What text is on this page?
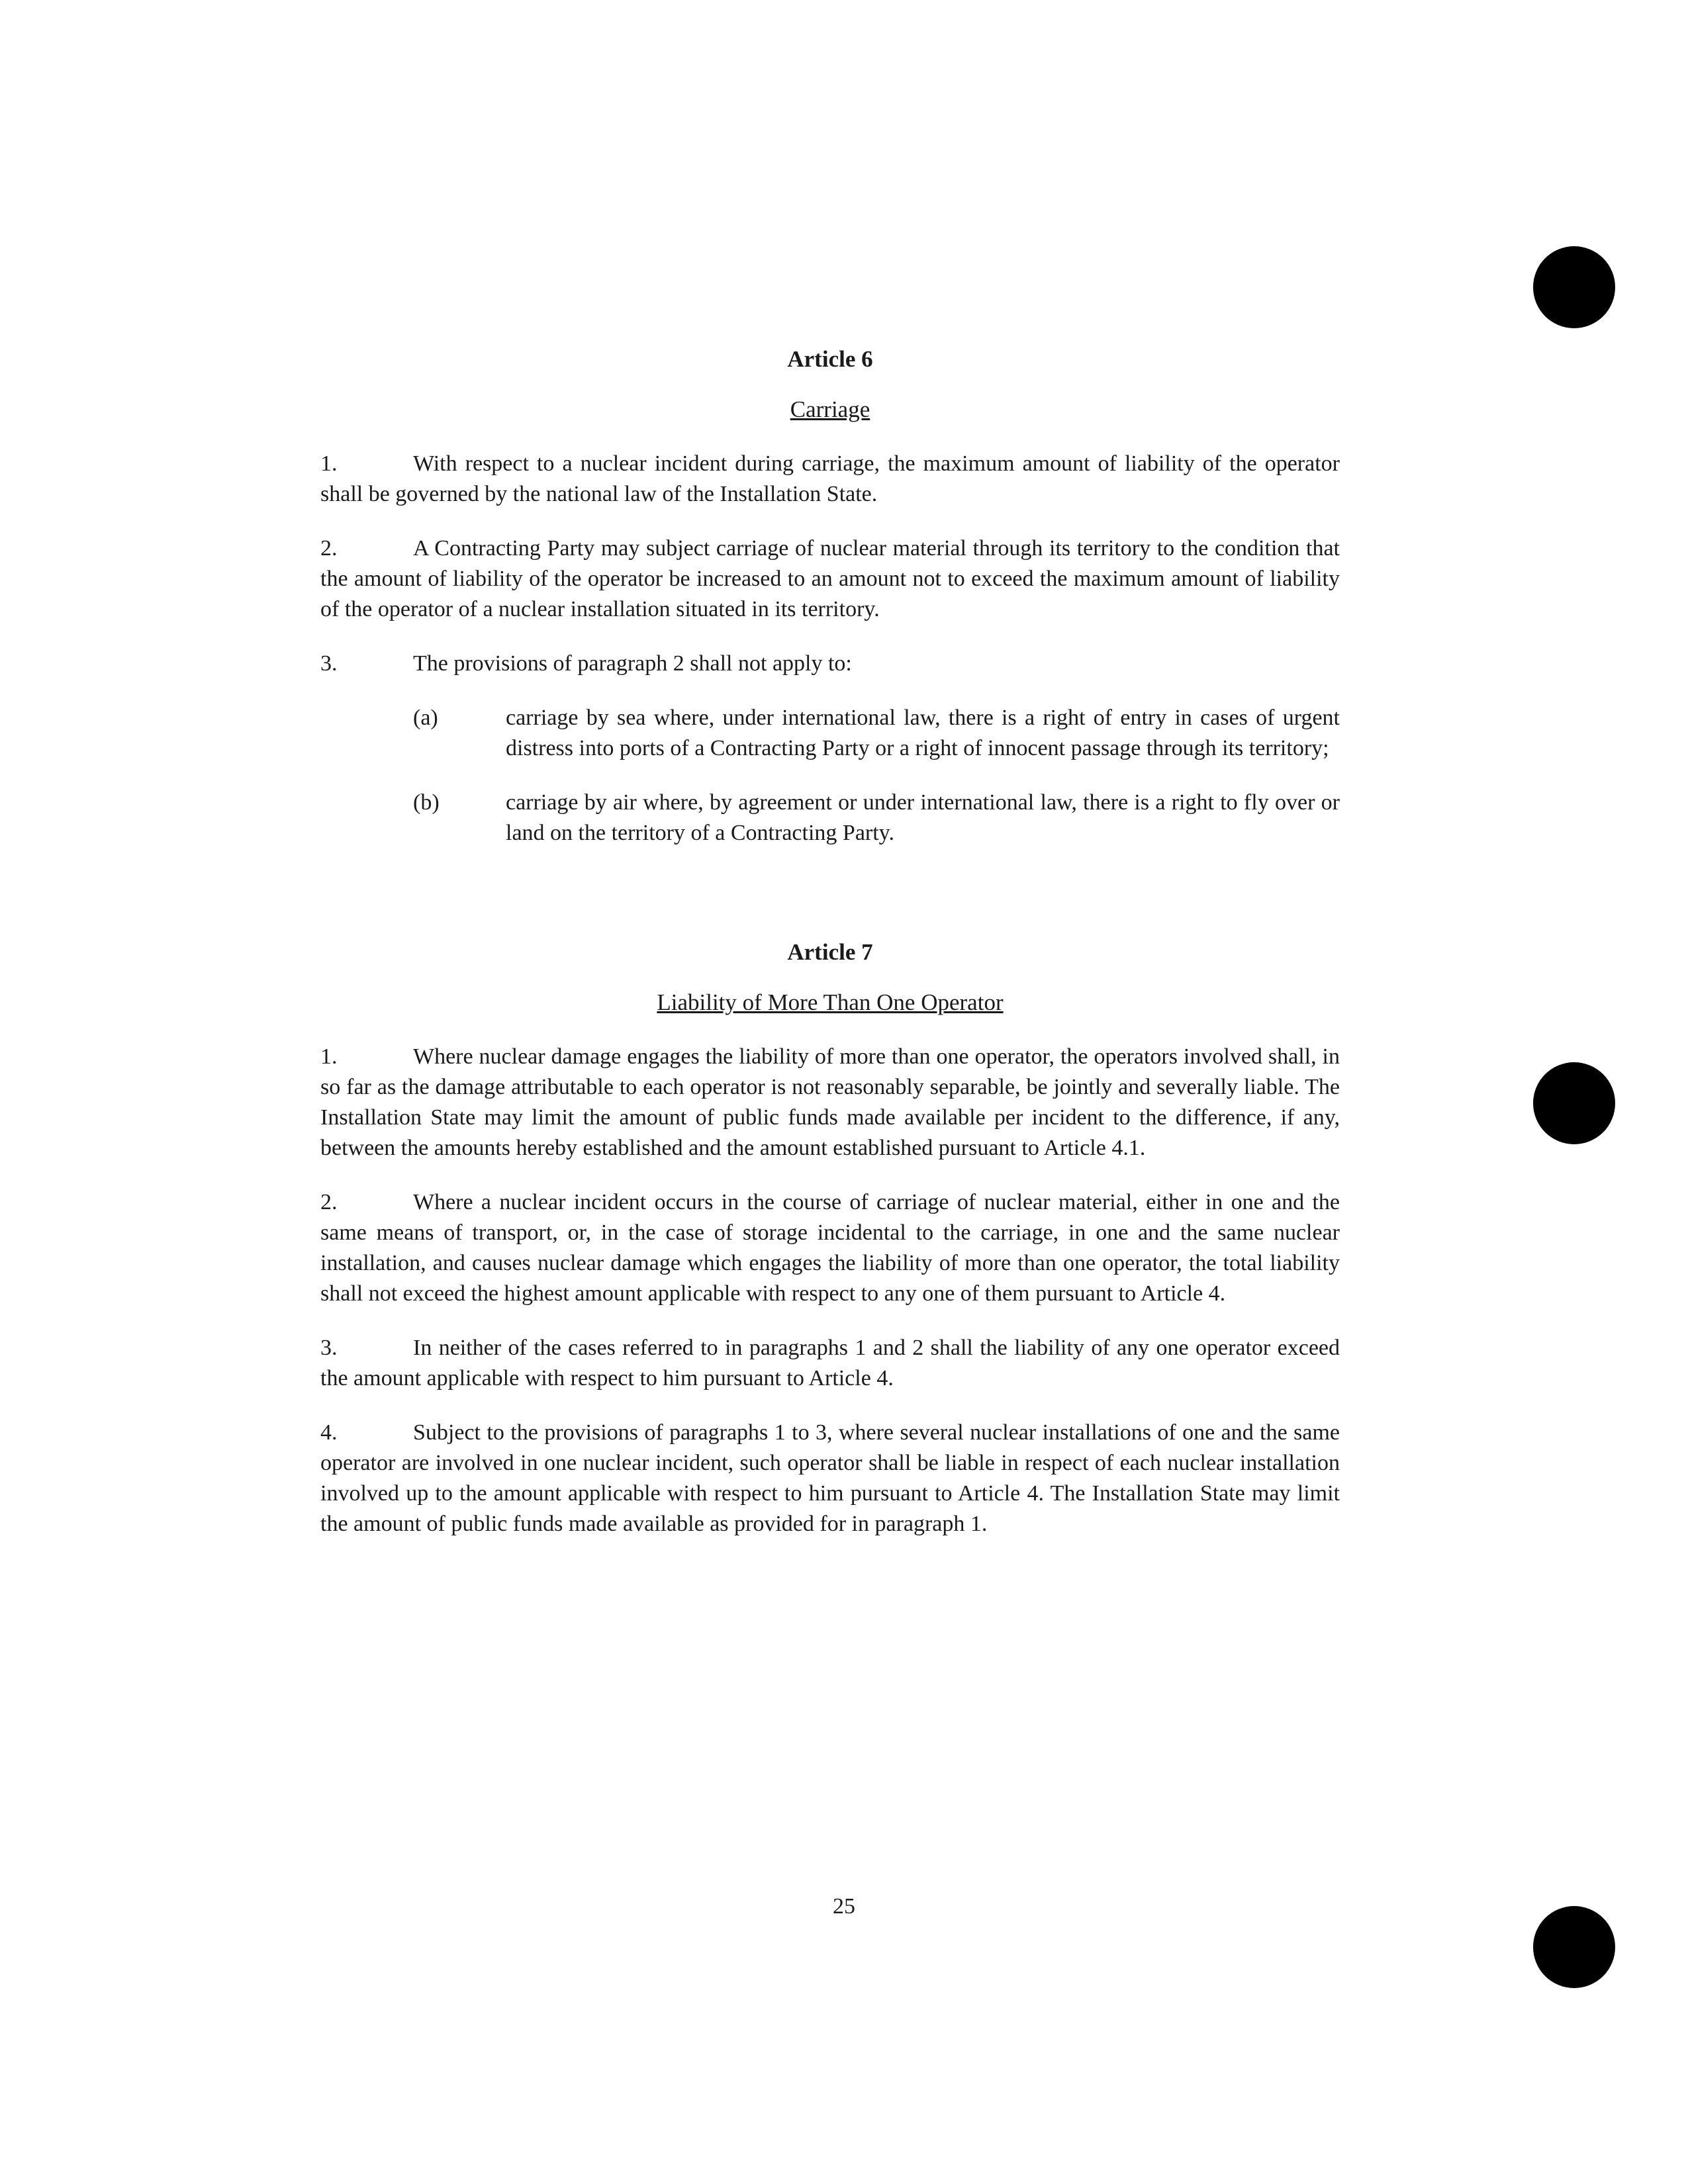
Article 6
Carriage

1.	With respect to a nuclear incident during carriage, the maximum amount of liability of the operator shall be governed by the national law of the Installation State.

2.	A Contracting Party may subject carriage of nuclear material through its territory to the condition that the amount of liability of the operator be increased to an amount not to exceed the maximum amount of liability of the operator of a nuclear installation situated in its territory.

3.	The provisions of paragraph 2 shall not apply to:

(a)	carriage by sea where, under international law, there is a right of entry in cases of urgent distress into ports of a Contracting Party or a right of innocent passage through its territory;
(b)	carriage by air where, by agreement or under international law, there is a right to fly over or land on the territory of a Contracting Party.
Article 7
Liability of More Than One Operator

1.	Where nuclear damage engages the liability of more than one operator, the operators involved shall, in so far as the damage attributable to each operator is not reasonably separable, be jointly and severally liable. The Installation State may limit the amount of public funds made available per incident to the difference, if any, between the amounts hereby established and the amount established pursuant to Article 4.1.

2.	Where a nuclear incident occurs in the course of carriage of nuclear material, either in one and the same means of transport, or, in the case of storage incidental to the carriage, in one and the same nuclear installation, and causes nuclear damage which engages the liability of more than one operator, the total liability shall not exceed the highest amount applicable with respect to any one of them pursuant to Article 4.

3.	In neither of the cases referred to in paragraphs 1 and 2 shall the liability of any one operator exceed the amount applicable with respect to him pursuant to Article 4.

4.	Subject to the provisions of paragraphs 1 to 3, where several nuclear installations of one and the same operator are involved in one nuclear incident, such operator shall be liable in respect of each nuclear installation involved up to the amount applicable with respect to him pursuant to Article 4. The Installation State may limit the amount of public funds made available as provided for in paragraph 1.

25
